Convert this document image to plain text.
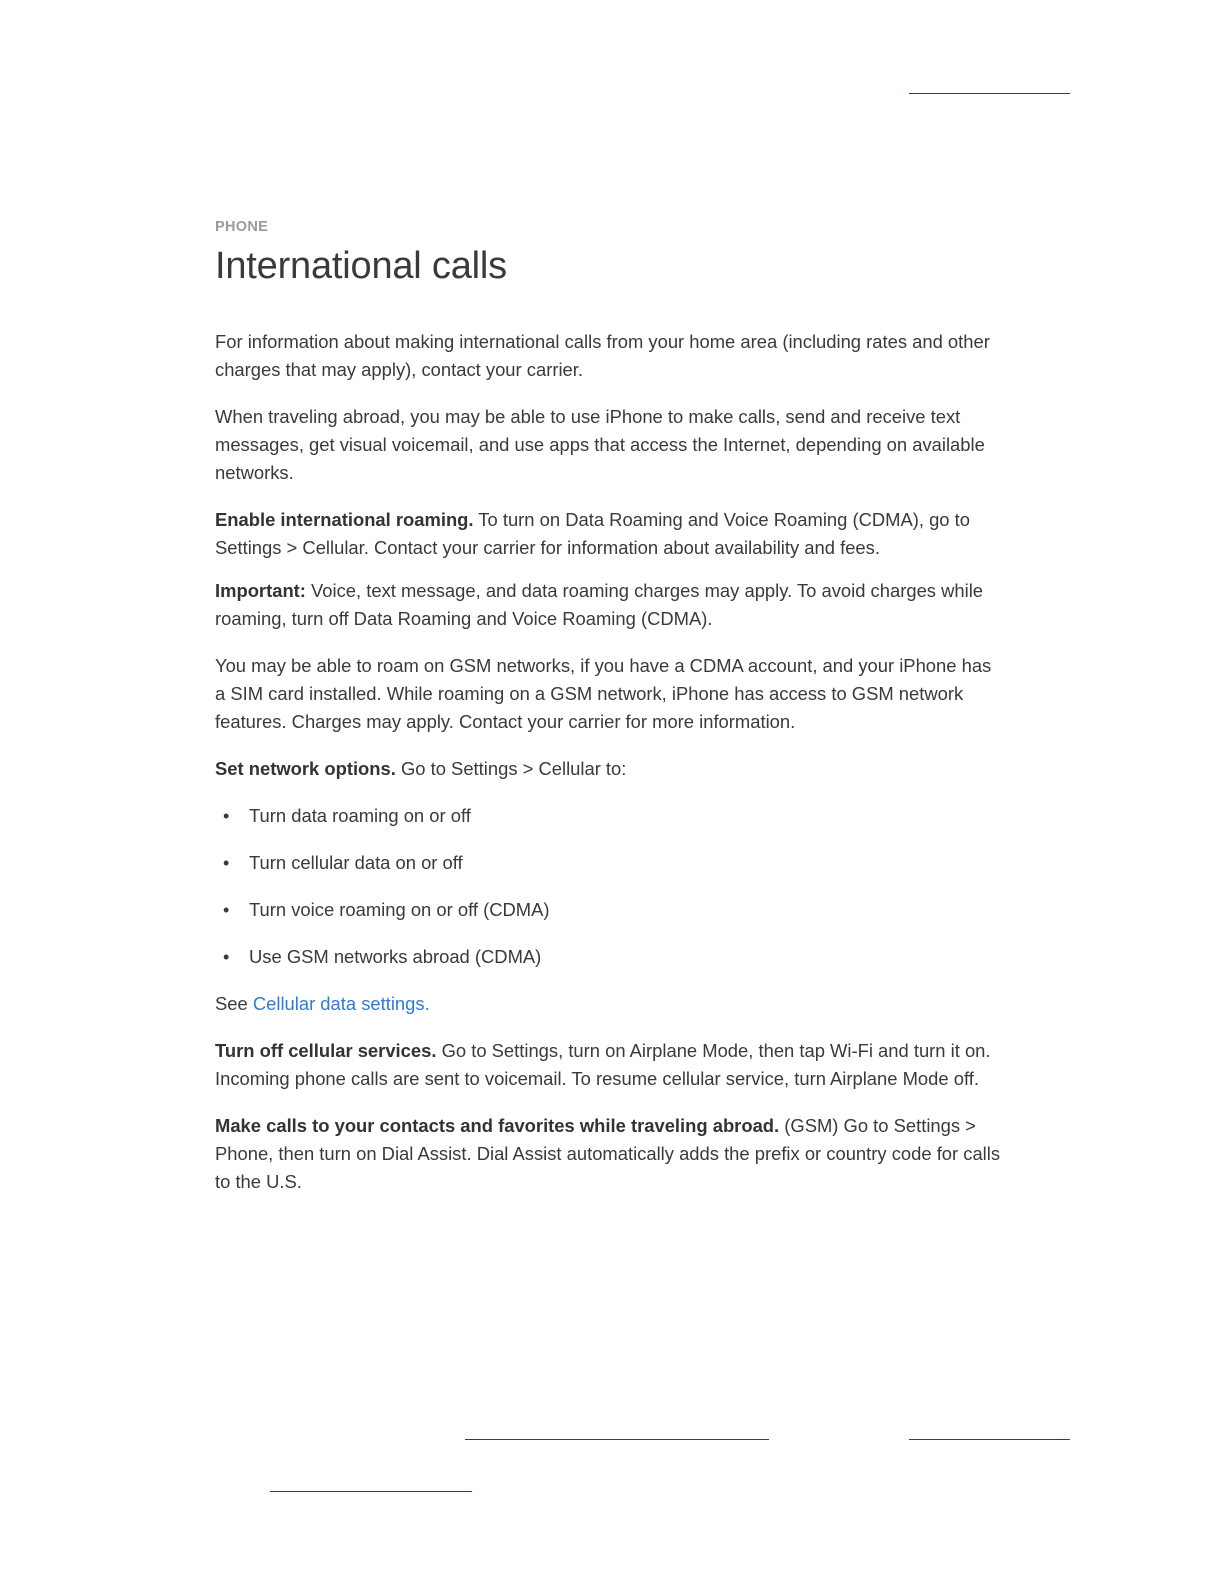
PHONE
International calls

For information about making international calls from your home area (including rates and other charges that may apply), contact your carrier.

When traveling abroad, you may be able to use iPhone to make calls, send and receive text messages, get visual voicemail, and use apps that access the Internet, depending on available networks.

Enable international roaming. To turn on Data Roaming and Voice Roaming (CDMA), go to Settings > Cellular. Contact your carrier for information about availability and fees.

Important: Voice, text message, and data roaming charges may apply. To avoid charges while roaming, turn off Data Roaming and Voice Roaming (CDMA).

You may be able to roam on GSM networks, if you have a CDMA account, and your iPhone has a SIM card installed. While roaming on a GSM network, iPhone has access to GSM network features. Charges may apply. Contact your carrier for more information.

Set network options. Go to Settings > Cellular to:

• Turn data roaming on or off
• Turn cellular data on or off
• Turn voice roaming on or off (CDMA)
• Use GSM networks abroad (CDMA)

See Cellular data settings.

Turn off cellular services. Go to Settings, turn on Airplane Mode, then tap Wi-Fi and turn it on. Incoming phone calls are sent to voicemail. To resume cellular service, turn Airplane Mode off.

Make calls to your contacts and favorites while traveling abroad. (GSM) Go to Settings > Phone, then turn on Dial Assist. Dial Assist automatically adds the prefix or country code for calls to the U.S.
